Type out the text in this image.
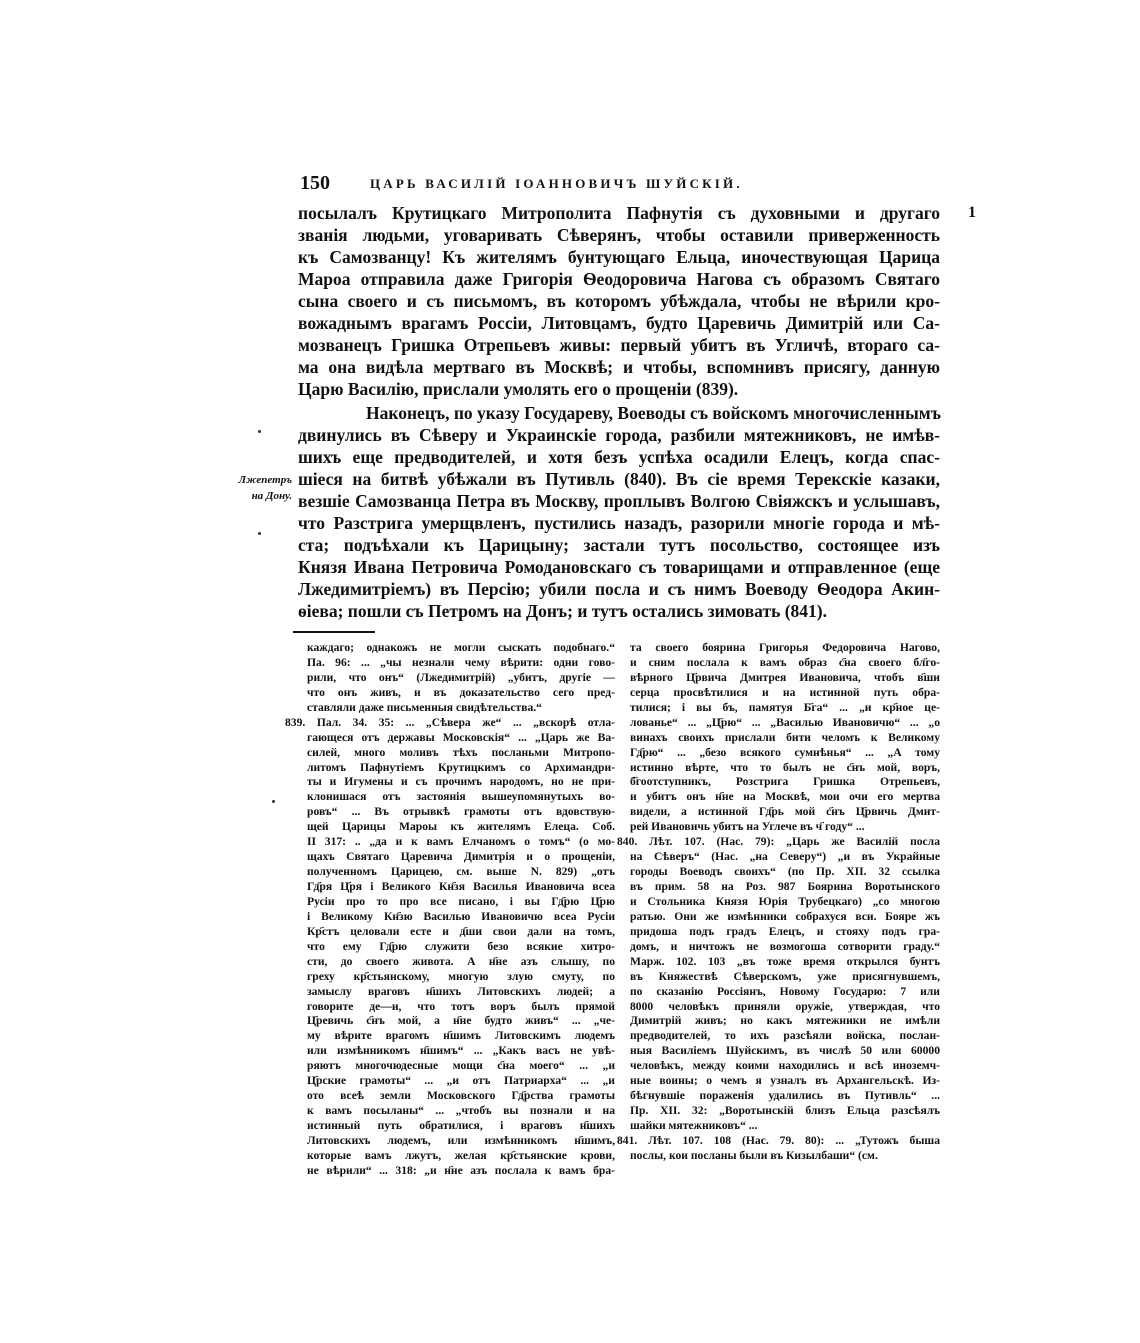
150	ЦАРЬ ВАСИЛІЙ ІОАННОВИЧЪ ШУЙСКІЙ.
1
Лжепетръ
на Дону.
посылалъ Крутицкаго Митрополита Пафнутія съ духовными и другаго
званія людьми, уговаривать Сѣверянъ, чтобы оставили приверженность
къ Самозванцу! Къ жителямъ бунтующаго Ельца, иночествующая Царица
Мароа отправила даже Григорія Ѳеодоровича Нагова съ образомъ Святаго
сына своего и съ письмомъ, въ которомъ убѣждала, чтобы не вѣрили кро-
вожаднымъ врагамъ Россіи, Литовцамъ, будто Царевичь Димитрій или Са-
мозванецъ Гришка Отрепьевъ живы: первый убитъ въ Угличѣ, втораго са-
ма она видѣла мертваго въ Москвѣ; и чтобы, вспомнивъ присягу, данную
Царю Василію, прислали умолять его о прощеніи (839).
Наконецъ, по указу Государеву, Воеводы съ войскомъ многочисленнымъ
двинулись въ Сѣверу и Украинскіе города, разбили мятежниковъ, не имѣв-
шихъ еще предводителей, и хотя безъ успѣха осадили Елецъ, когда спас-
шіеся на битвѣ убѣжали въ Путивль (840). Въ сіе время Терекскіе казаки,
везшіе Самозванца Петра въ Москву, проплывъ Волгою Свіяжскъ и услышавъ,
что Разстрига умерщвленъ, пустились назадъ, разорили многіе города и мѣ-
ста; подъѣхали къ Царицыну; застали тутъ посольство, состоящее изъ
Князя Ивана Петровича Ромодановскаго съ товарищами и отправленное (еще
Лжедимитріемъ) въ Персію; убили посла и съ нимъ Воеводу Ѳеодора Акин-
ѳіева; пошли съ Петромъ на Донъ; и тутъ остались зимовать (841).
каждаго; однакожъ не могли сыскать подобнаго.“
Па. 96: ... „чы незнали чему вѣрити: одни гово-
рили, что онъ“ (Лжедимитрій) „убитъ, другіе —
что онъ живъ, и въ доказательство сего пред-
ставляли даже письменныя свидѣтельства.“
839. Пал. 34. 35: ... „Сѣвера же“ ... „вскорѣ отла-
гающеся отъ державы Московскія“ ... „Царь же Ва-
силей, много моливъ тѣхъ посланьми Митропо-
литомъ Пафнутіемъ Крутицкимъ со Архимандри-
ты и Игумены и съ прочимъ народомъ, но не при-
клонишася отъ застоянія вышеупомянутыхъ во-
ровъ“ ... Въ отрывкѣ грамоты отъ вдовствую-
щей Царицы Мароы къ жителямъ Елеца. Соб.
II 317: .. „да и к вамъ Елчаномъ о томъ“ (о мо-
щахъ Святаго Царевича Димитрія и о прощеніи,
полученномъ Царицею, см. выше N. 829) „отъ
Гд҃ря Ц҃ря і Великого Кн҃зя Василья Ивановича всеа
Русіи про то про все писано, і вы Гд҃рю Ц҃рю
і Великому Кн҃зю Василью Ивановичю всеа Русіи
Кр҃стъ целовали есте и д҃ши свои дали на томъ,
что ему Гд҃рю служити безо всякие хитро-
сти, до своего живота. А н҃не азъ слышу, по
греху кр҃стьянскому, многую злую смуту, по
замыслу враговъ н҃шихъ Литовскихъ людей; а
говорите де—и, что тотъ воръ былъ прямой
Ц҃ревичь с҃нъ мой, а н҃не будто живъ“ ... „че-
му вѣрите врагомъ н҃шимъ Литовскимъ людемъ
или измѣнникомъ н҃шимъ“ ... „Какъ васъ не увѣ-
ряютъ многочюдесные мощи с҃на моего“ ... „и
Ц҃рские грамоты“ ... „и отъ Патриарха“ ... „и
ото всеѣ земли Московского Гд҃рства грамоты
к вамъ посыланы“ ... „чтобъ вы познали и на
истинный путь обратилися, і враговъ н҃шихъ
Литовскихъ людемъ, или измѣнникомъ н҃шимъ,
которые вамъ лжутъ, желая кр҃стьянские крови,
не вѣрили“ ... 318: „и н҃не азъ послала к вамъ бра-
та своего боярина Григорья Федоровича Нагово,
и сним послала к вамъ образ с҃на своего бл҃го-
вѣрного Ц҃рвича Дмитрея Ивановича, чтобъ в҃ши
серца просвѣтилися и на истинной путь обра-
тилися; і вы бъ, памятуя Б҃га“ ... „и кр҃ное це-
лованье“ ... „Ц҃рю“ ... „Василью Ивановичю“ ... „о
винахъ своихъ прислали бити челомъ к Великому
Гд҃рю“ ... „безо всякого сумнѣнья“ ... „А тому
истинно вѣрте, что то былъ не с҃нъ мой, воръ,
б҃гоотступникъ, Розстрига Гришка Отрепьевъ,
и убитъ онъ н҃не на Москвѣ, мои очи его мертва
видели, а истинной Гд҃рь мой с҃нъ Ц҃рвичь Дмит-
рей Ивановичь убитъ на Углече въ ч҃ году“ ...
840. Лѣт. 107. (Нас. 79): „Царь же Василій посла
на Сѣверъ“ (Нас. „на Северу“) „и въ Украйные
городы Воеводъ своихъ“ (по Пр. XII. 32 ссылка
въ прим. 58 на Роз. 987 Боярина Воротынского
и Стольника Князя Юрія Трубецкаго) „со многою
ратью. Они же измѣнники собрахуся вси. Бояре жъ
придоша подъ градъ Елецъ, и стояху подъ гра-
домъ, и ничтожъ не возмогоша сотворити граду.“
Марж. 102. 103 „въ тоже время открылся бунтъ
въ Княжествѣ Сѣверскомъ, уже присягнувшемъ,
по сказанію Россіянъ, Новому Государю: 7 или
8000 человѣкъ приняли оружіе, утверждая, что
Димитрій живъ; но какъ мятежники не имѣли
предводителей, то ихъ разсѣяли войска, послан-
ныя Василіемъ Шуйскимъ, въ числѣ 50 или 60000
человѣкъ, между коими находились и всѣ иноземч-
ные воины; о чемъ я узналъ въ Архангельскѣ. Из-
бѣгнувшіе пораженія удалились въ Путивль“ ...
Пр. XII. 32: „Воротынскій близъ Ельца разсѣялъ
шайки мятежниковъ“ ...
841. Лѣт. 107. 108 (Нас. 79. 80): ... „Тутожъ быша
послы, кои посланы были въ Кизылбаши“ (см.
